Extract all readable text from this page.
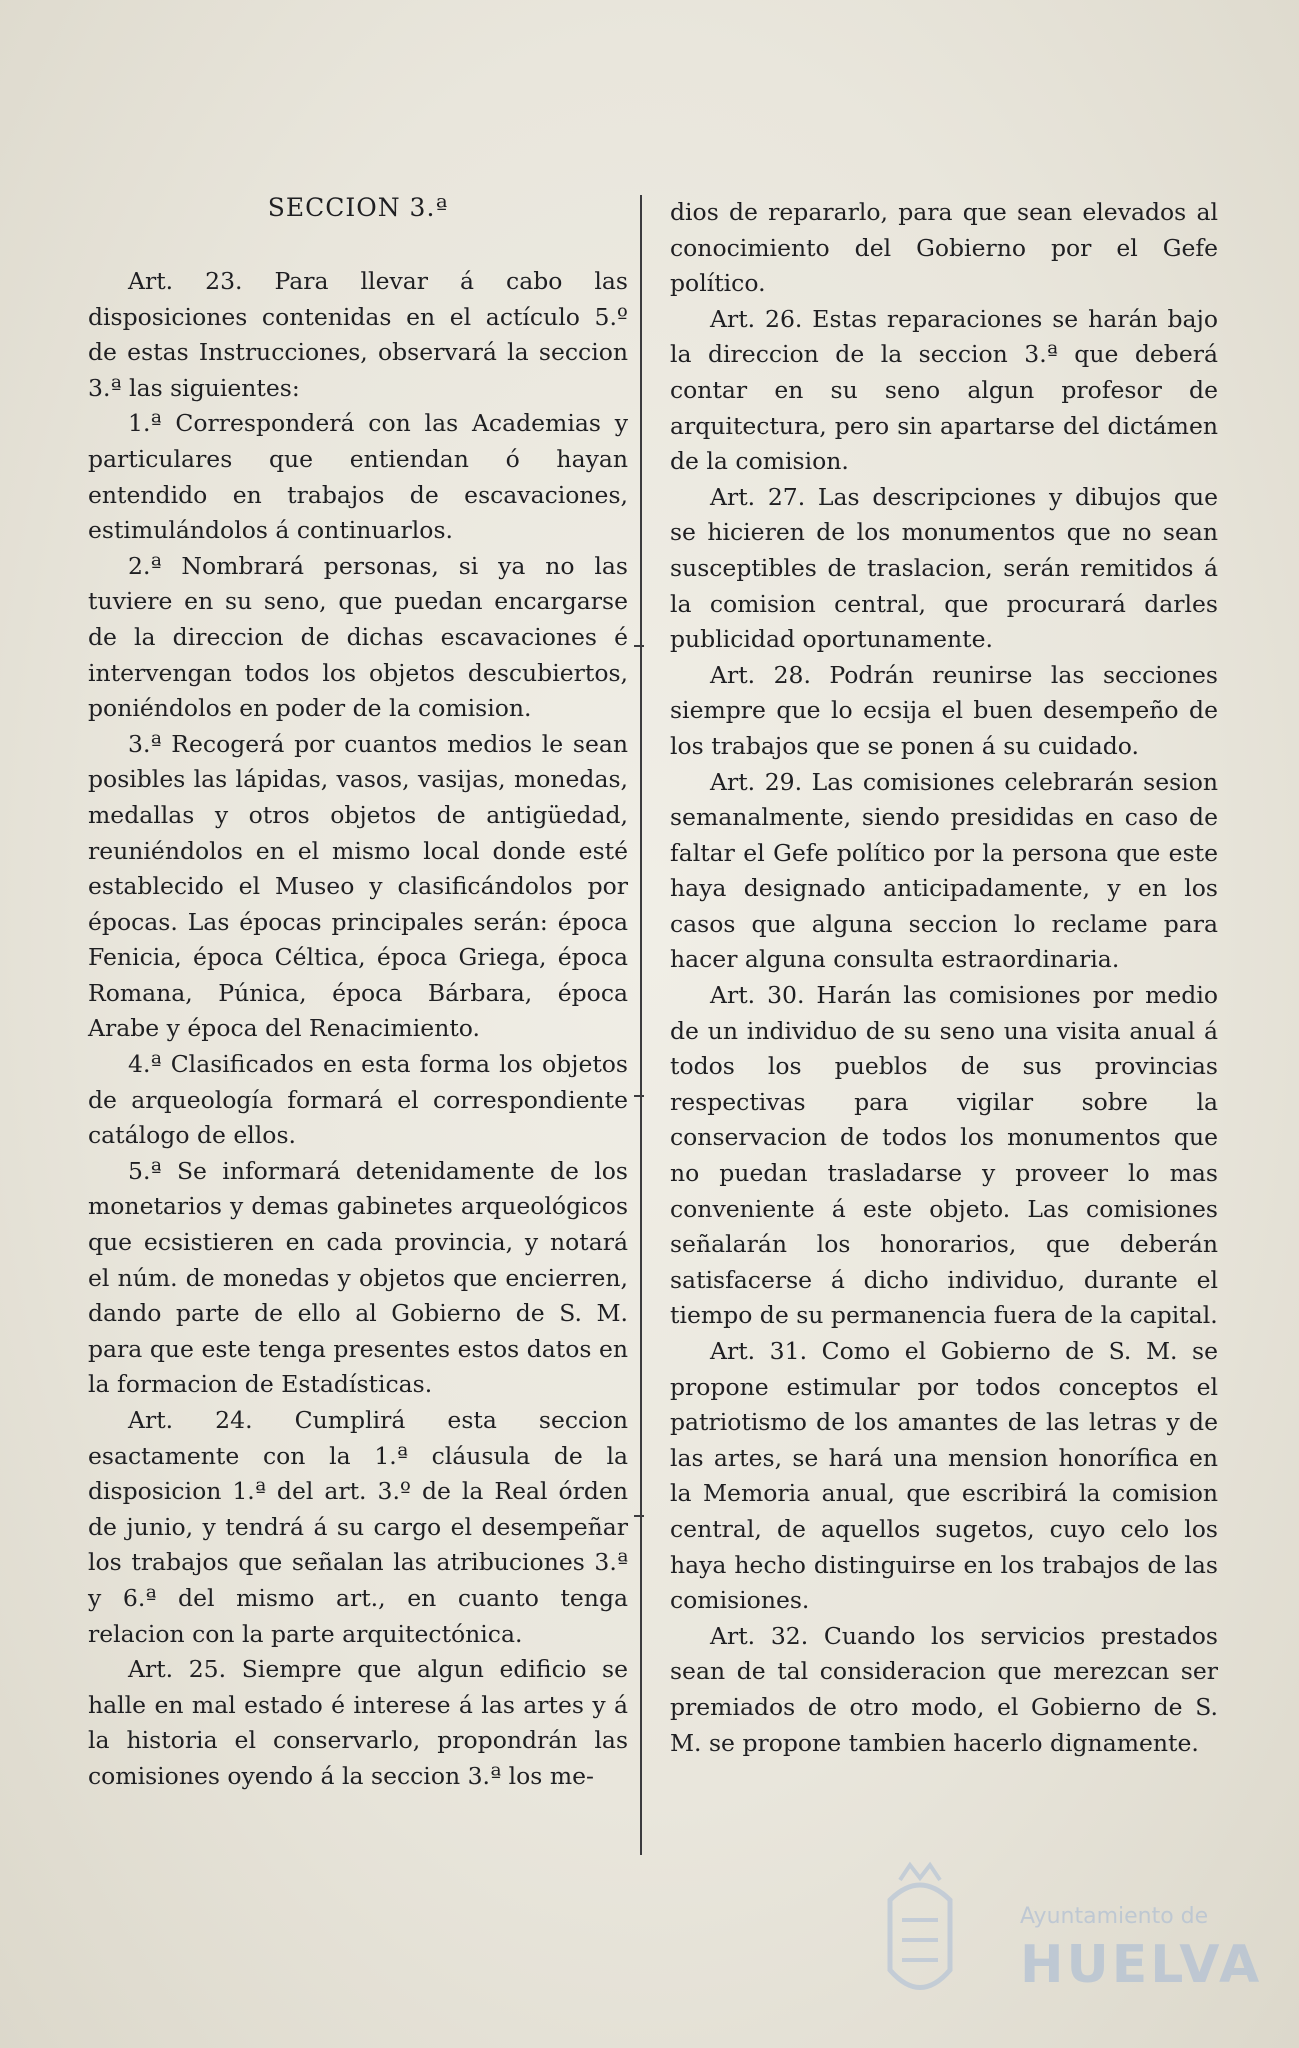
SECCION 3.ª

Art. 23. Para llevar á cabo las disposiciones contenidas en el actículo 5.º de estas Instrucciones, observará la seccion 3.ª las siguientes:

1.ª Corresponderá con las Academias y particulares que entiendan ó hayan entendido en trabajos de escavaciones, estimulándolos á continuarlos.

2.ª Nombrará personas, si ya no las tuviere en su seno, que puedan encargarse de la direccion de dichas escavaciones é intervengan todos los objetos descubiertos, poniéndolos en poder de la comision.

3.ª Recogerá por cuantos medios le sean posibles las lápidas, vasos, vasijas, monedas, medallas y otros objetos de antigüedad, reuniéndolos en el mismo local donde esté establecido el Museo y clasificándolos por épocas. Las épocas principales serán: época Fenicia, época Céltica, época Griega, época Romana, Púnica, época Bárbara, época Arabe y época del Renacimiento.

4.ª Clasificados en esta forma los objetos de arqueología formará el correspondiente catálogo de ellos.

5.ª Se informará detenidamente de los monetarios y demas gabinetes arqueológicos que ecsistieren en cada provincia, y notará el núm. de monedas y objetos que encierren, dando parte de ello al Gobierno de S. M. para que este tenga presentes estos datos en la formacion de Estadísticas.

Art. 24. Cumplirá esta seccion esactamente con la 1.ª cláusula de la disposicion 1.ª del art. 3.º de la Real órden de junio, y tendrá á su cargo el desempeñar los trabajos que señalan las atribuciones 3.ª y 6.ª del mismo art., en cuanto tenga relacion con la parte arquitectónica.

Art. 25. Siempre que algun edificio se halle en mal estado é interese á las artes y á la historia el conservarlo, propondrán las comisiones oyendo á la seccion 3.ª los me-

dios de repararlo, para que sean elevados al conocimiento del Gobierno por el Gefe político.

Art. 26. Estas reparaciones se harán bajo la direccion de la seccion 3.ª que deberá contar en su seno algun profesor de arquitectura, pero sin apartarse del dictámen de la comision.

Art. 27. Las descripciones y dibujos que se hicieren de los monumentos que no sean susceptibles de traslacion, serán remitidos á la comision central, que procurará darles publicidad oportunamente.

Art. 28. Podrán reunirse las secciones siempre que lo ecsija el buen desempeño de los trabajos que se ponen á su cuidado.

Art. 29. Las comisiones celebrarán sesion semanalmente, siendo presididas en caso de faltar el Gefe político por la persona que este haya designado anticipadamente, y en los casos que alguna seccion lo reclame para hacer alguna consulta estraordinaria.

Art. 30. Harán las comisiones por medio de un individuo de su seno una visita anual á todos los pueblos de sus provincias respectivas para vigilar sobre la conservacion de todos los monumentos que no puedan trasladarse y proveer lo mas conveniente á este objeto. Las comisiones señalarán los honorarios, que deberán satisfacerse á dicho individuo, durante el tiempo de su permanencia fuera de la capital.

Art. 31. Como el Gobierno de S. M. se propone estimular por todos conceptos el patriotismo de los amantes de las letras y de las artes, se hará una mension honorífica en la Memoria anual, que escribirá la comision central, de aquellos sugetos, cuyo celo los haya hecho distinguirse en los trabajos de las comisiones.

Art. 32. Cuando los servicios prestados sean de tal consideracion que merezcan ser premiados de otro modo, el Gobierno de S. M. se propone tambien hacerlo dignamente.

Ayuntamiento de
HUELVA
